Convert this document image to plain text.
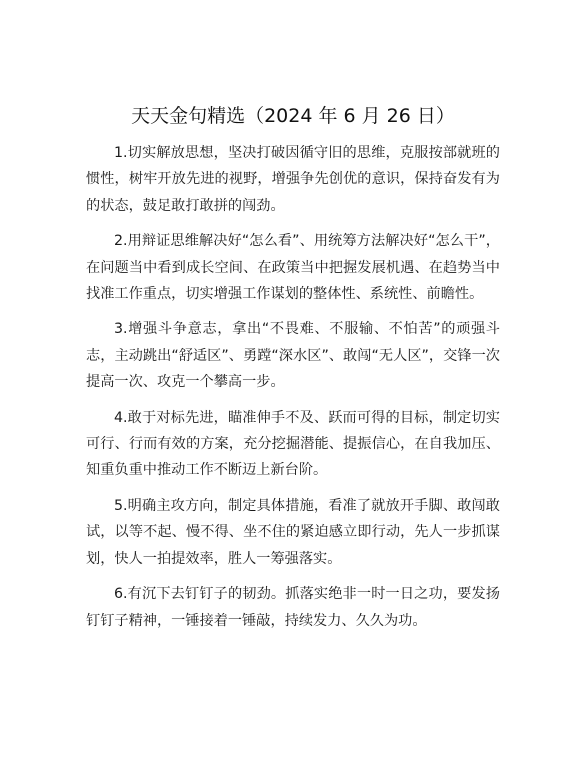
天天金句精选（2024 年 6 月 26 日）

1.切实解放思想，坚决打破因循守旧的思维，克服按部就班的惯性，树牢开放先进的视野，增强争先创优的意识，保持奋发有为的状态，鼓足敢打敢拼的闯劲。

2.用辩证思维解决好“怎么看”、用统筹方法解决好“怎么干”，在问题当中看到成长空间、在政策当中把握发展机遇、在趋势当中找准工作重点，切实增强工作谋划的整体性、系统性、前瞻性。

3.增强斗争意志，拿出“不畏难、不服输、不怕苦”的顽强斗志，主动跳出“舒适区”、勇蹚“深水区”、敢闯“无人区”，交锋一次提高一次、攻克一个攀高一步。

4.敢于对标先进，瞄准伸手不及、跃而可得的目标，制定切实可行、行而有效的方案，充分挖掘潜能、提振信心，在自我加压、知重负重中推动工作不断迈上新台阶。

5.明确主攻方向，制定具体措施，看准了就放开手脚、敢闯敢试，以等不起、慢不得、坐不住的紧迫感立即行动，先人一步抓谋划，快人一拍提效率，胜人一筹强落实。

6.有沉下去钉钉子的韧劲。抓落实绝非一时一日之功，要发扬钉钉子精神，一锤接着一锤敲，持续发力、久久为功。
